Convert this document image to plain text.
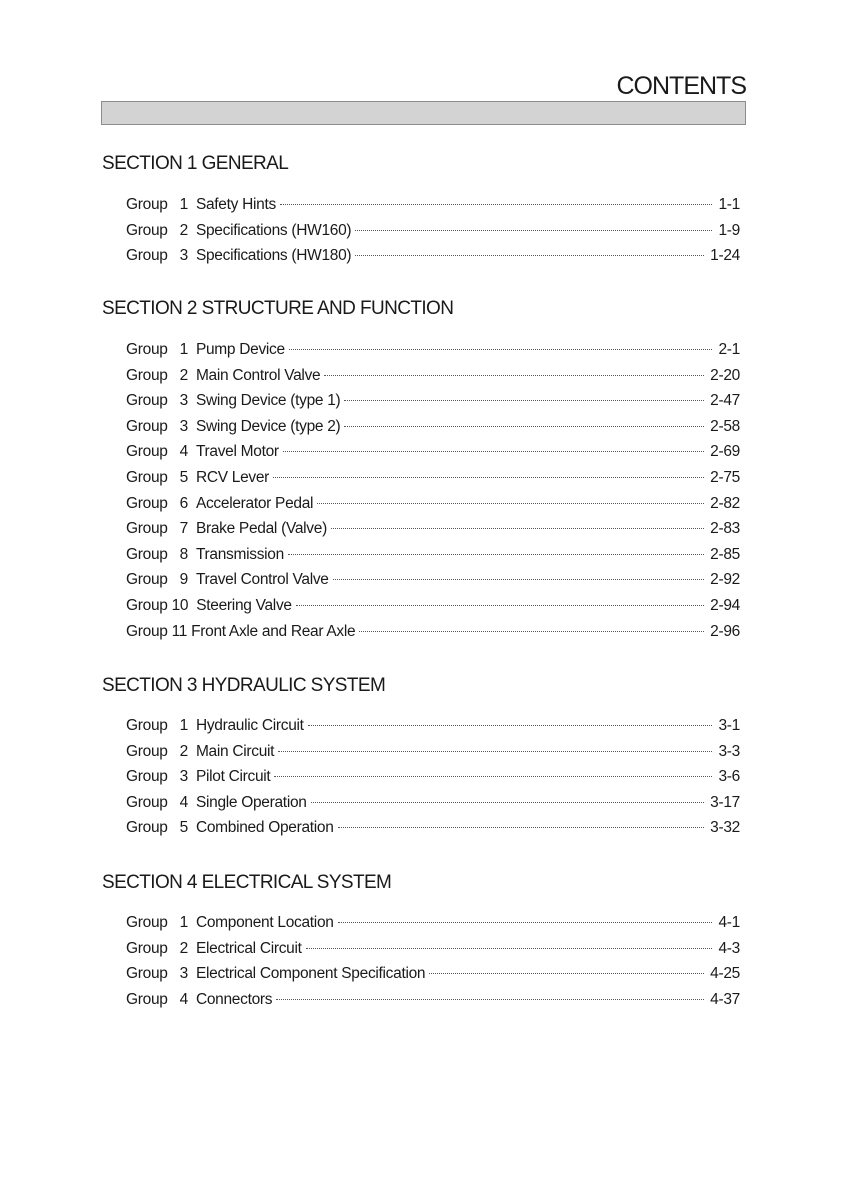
CONTENTS
SECTION 1 GENERAL
Group   1 Safety Hints	1-1
Group   2 Specifications (HW160)	1-9
Group   3 Specifications (HW180)	1-24
SECTION 2 STRUCTURE AND FUNCTION
Group   1 Pump Device	2-1
Group   2 Main Control Valve	2-20
Group   3 Swing Device (type 1)	2-47
Group   3 Swing Device (type 2)	2-58
Group   4 Travel Motor	2-69
Group   5 RCV Lever	2-75
Group   6 Accelerator Pedal	2-82
Group   7 Brake Pedal (Valve)	2-83
Group   8 Transmission	2-85
Group   9 Travel Control Valve	2-92
Group 10 Steering Valve	2-94
Group 11 Front Axle and Rear Axle	2-96
SECTION 3 HYDRAULIC SYSTEM
Group   1 Hydraulic Circuit	3-1
Group   2 Main Circuit	3-3
Group   3 Pilot Circuit	3-6
Group   4 Single Operation	3-17
Group   5 Combined Operation	3-32
SECTION 4 ELECTRICAL SYSTEM
Group   1 Component Location	4-1
Group   2 Electrical Circuit	4-3
Group   3 Electrical Component Specification	4-25
Group   4 Connectors	4-37
